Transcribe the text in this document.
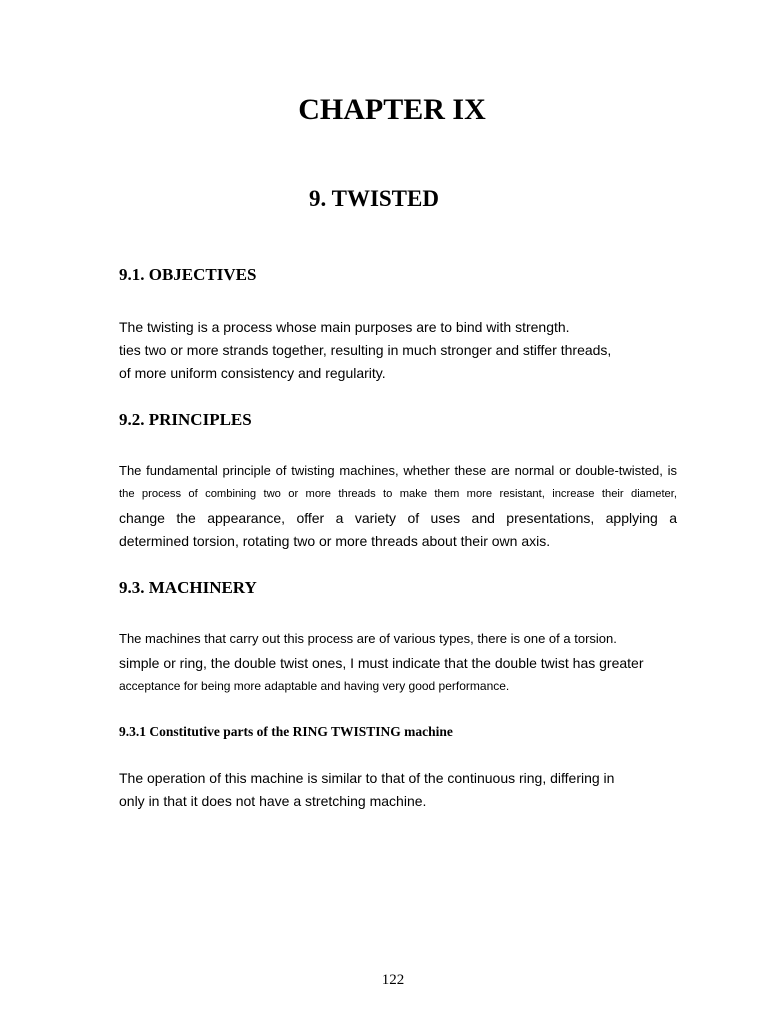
CHAPTER IX
9. TWISTED
9.1. OBJECTIVES
The twisting is a process whose main purposes are to bind with strength.
ties two or more strands together, resulting in much stronger and stiffer threads,
of more uniform consistency and regularity.
9.2. PRINCIPLES
The fundamental principle of twisting machines, whether these are normal or double-twisted, is
the process of combining two or more threads to make them more resistant, increase their diameter,
change the appearance, offer a variety of uses and presentations, applying a
determined torsion, rotating two or more threads about their own axis.
9.3. MACHINERY
The machines that carry out this process are of various types, there is one of a torsion.
simple or ring, the double twist ones, I must indicate that the double twist has greater
acceptance for being more adaptable and having very good performance.
9.3.1 Constitutive parts of the RING TWISTING machine
The operation of this machine is similar to that of the continuous ring, differing in
only in that it does not have a stretching machine.
122
